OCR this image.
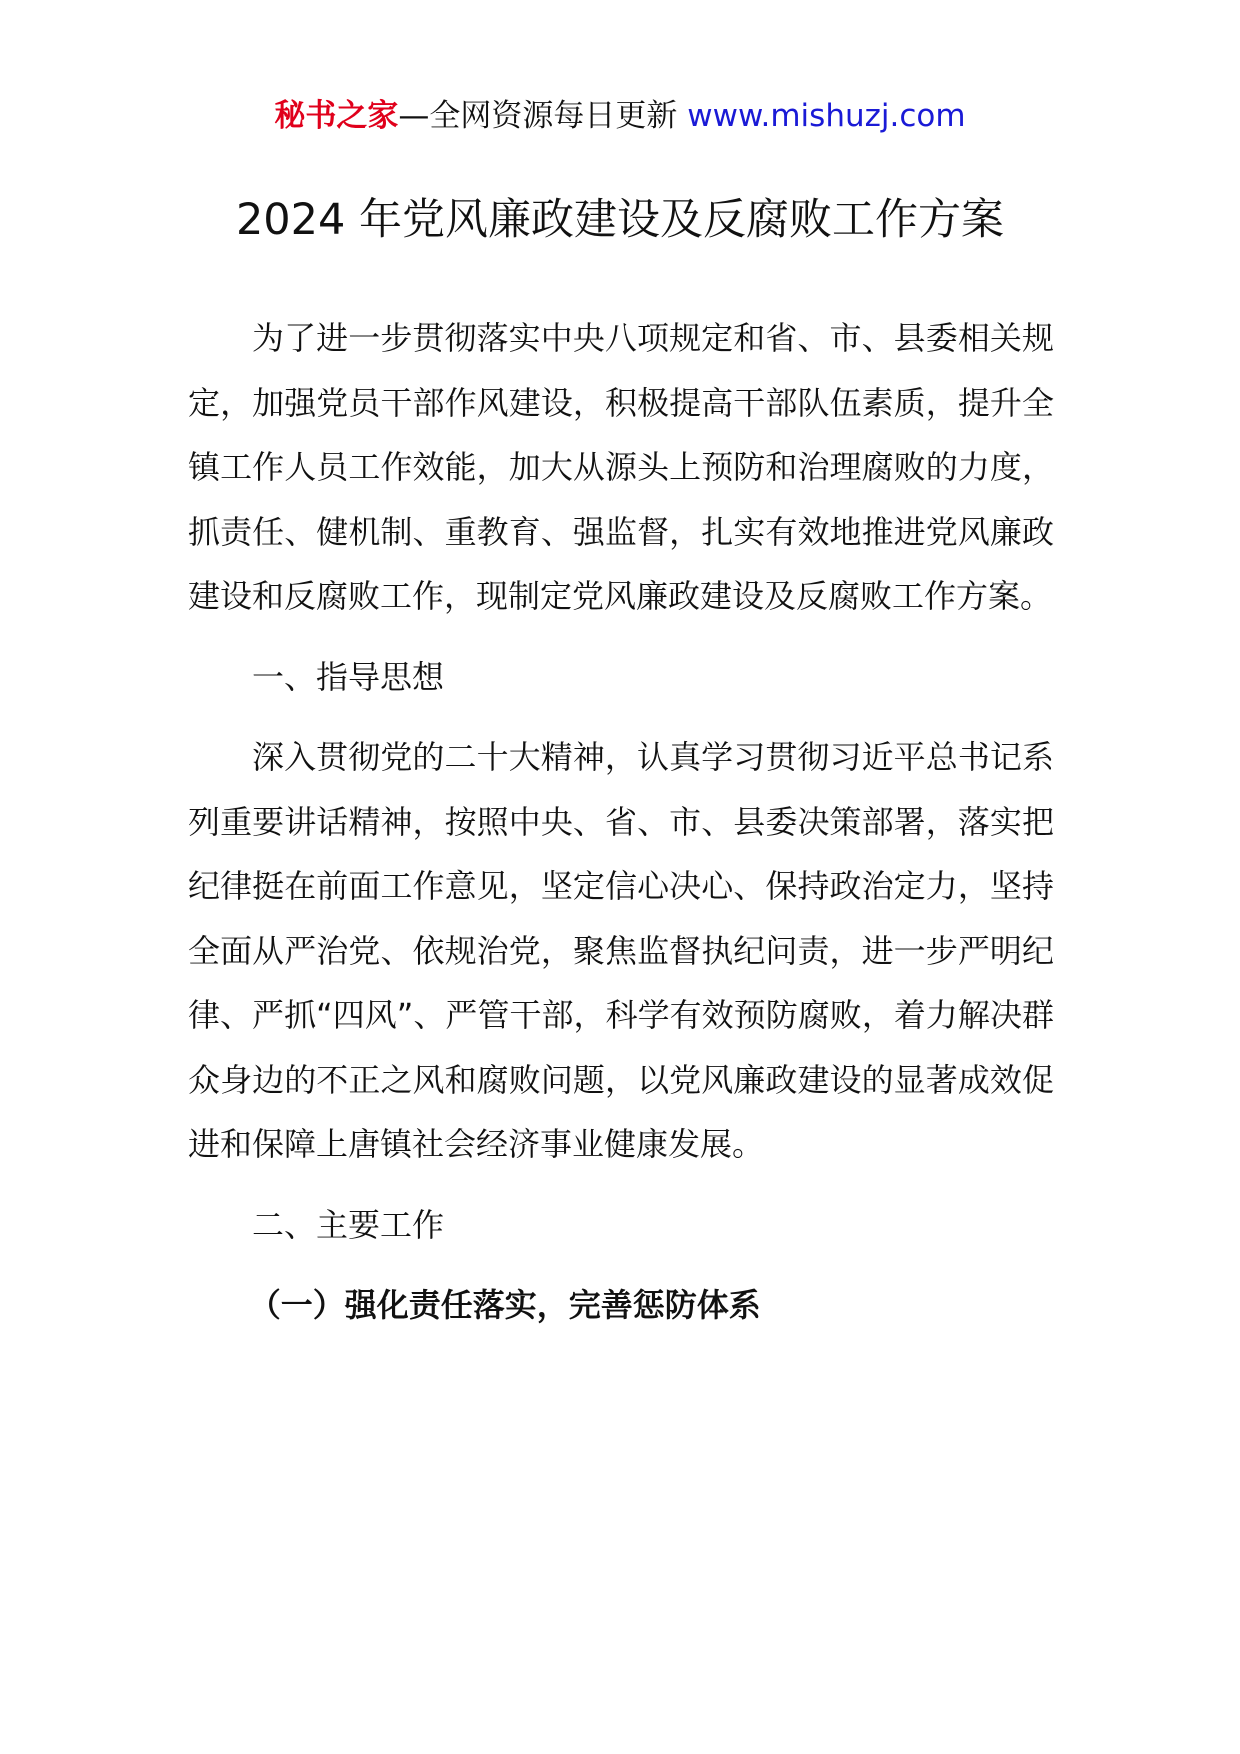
秘书之家—全网资源每日更新 www.mishuzj.com
2024 年党风廉政建设及反腐败工作方案

为了进一步贯彻落实中央八项规定和省、市、县委相关规定，加强党员干部作风建设，积极提高干部队伍素质，提升全镇工作人员工作效能，加大从源头上预防和治理腐败的力度，抓责任、健机制、重教育、强监督，扎实有效地推进党风廉政建设和反腐败工作，现制定党风廉政建设及反腐败工作方案。

一、指导思想

深入贯彻党的二十大精神，认真学习贯彻习近平总书记系列重要讲话精神，按照中央、省、市、县委决策部署，落实把纪律挺在前面工作意见，坚定信心决心、保持政治定力，坚持全面从严治党、依规治党，聚焦监督执纪问责，进一步严明纪律、严抓“四风”、严管干部，科学有效预防腐败，着力解决群众身边的不正之风和腐败问题，以党风廉政建设的显著成效促进和保障上唐镇社会经济事业健康发展。

二、主要工作

（一）强化责任落实，完善惩防体系
